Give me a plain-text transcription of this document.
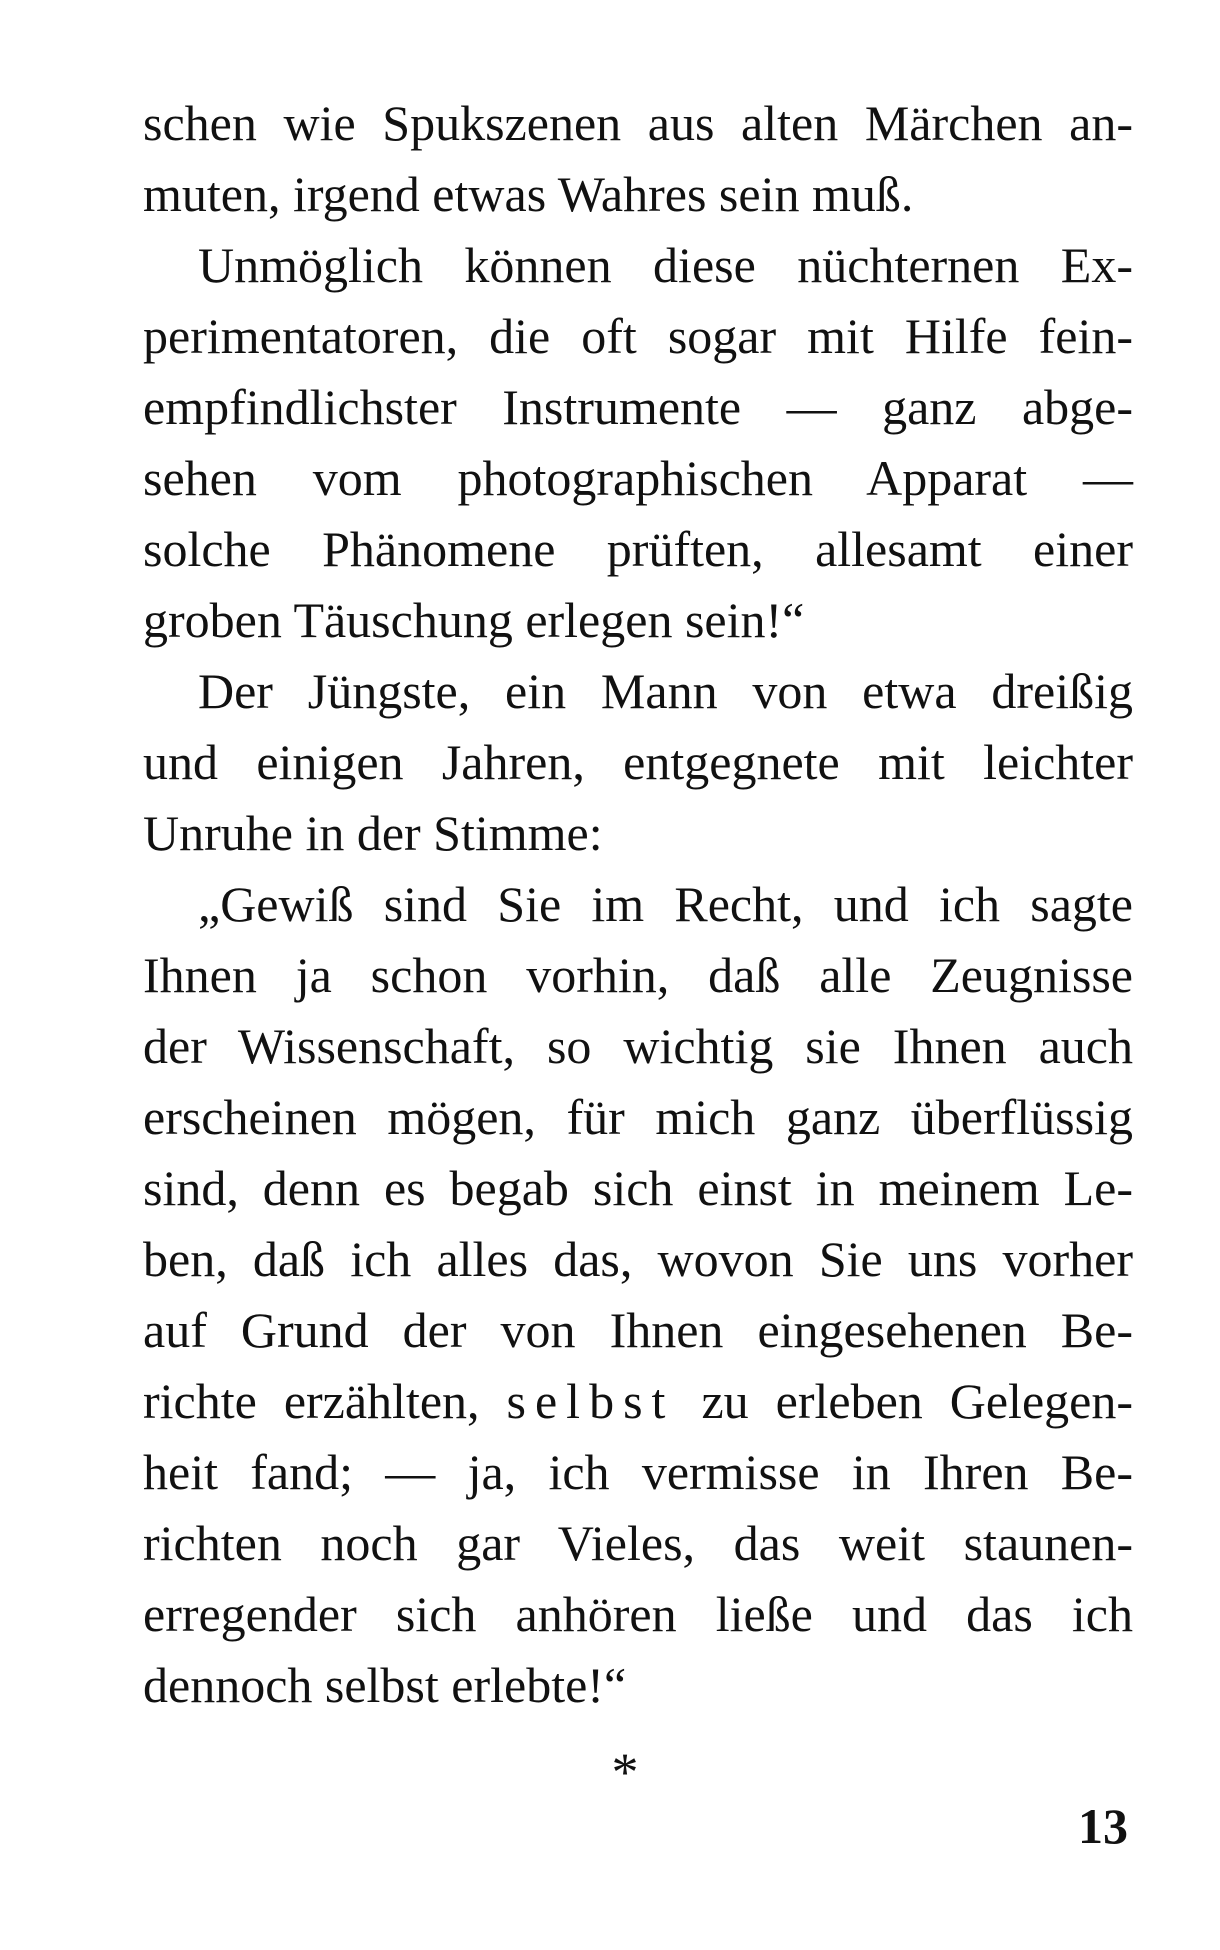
schen wie Spukszenen aus alten Märchen an-
muten, irgend etwas Wahres sein muß.
Unmöglich können diese nüchternen Ex-
perimentatoren, die oft sogar mit Hilfe fein-
empfindlichster Instrumente — ganz abge-
sehen vom photographischen Apparat —
solche Phänomene prüften, allesamt einer
groben Täuschung erlegen sein!“
Der Jüngste, ein Mann von etwa dreißig
und einigen Jahren, entgegnete mit leichter
Unruhe in der Stimme:
„Gewiß sind Sie im Recht, und ich sagte
Ihnen ja schon vorhin, daß alle Zeugnisse
der Wissenschaft, so wichtig sie Ihnen auch
erscheinen mögen, für mich ganz überflüssig
sind, denn es begab sich einst in meinem Le-
ben, daß ich alles das, wovon Sie uns vorher
auf Grund der von Ihnen eingesehenen Be-
richte erzählten, selbst zu erleben Gelegen-
heit fand; — ja, ich vermisse in Ihren Be-
richten noch gar Vieles, das weit staunen-
erregender sich anhören ließe und das ich
dennoch selbst erlebte!“
*
13
